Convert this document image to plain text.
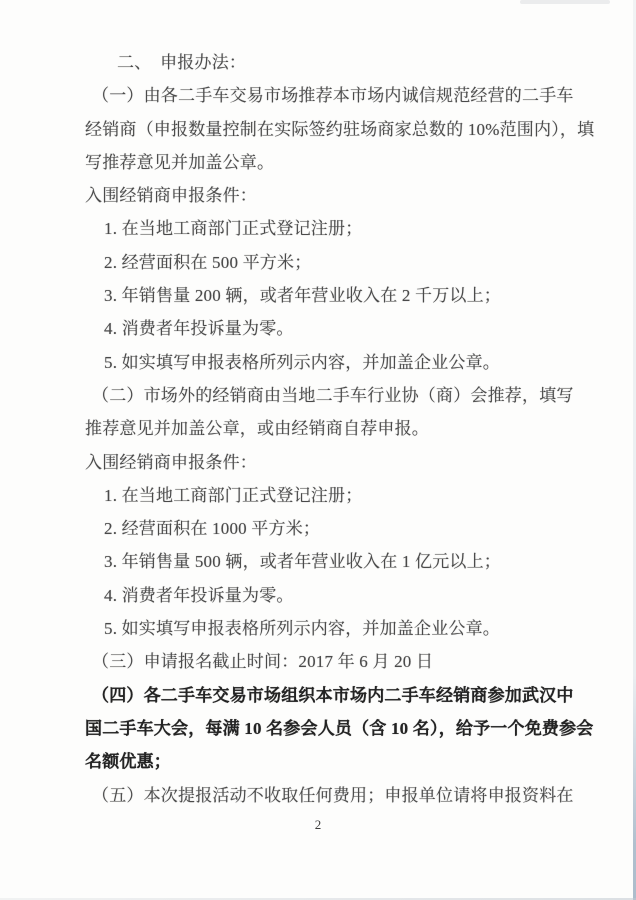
二、　申报办法：
（一）由各二手车交易市场推荐本市场内诚信规范经营的二手车
经销商（申报数量控制在实际签约驻场商家总数的 10%范围内），填
写推荐意见并加盖公章。
入围经销商申报条件：
1. 在当地工商部门正式登记注册；
2. 经营面积在 500 平方米；
3. 年销售量 200 辆，或者年营业收入在 2 千万以上；
4. 消费者年投诉量为零。
5. 如实填写申报表格所列示内容，并加盖企业公章。
（二）市场外的经销商由当地二手车行业协（商）会推荐，填写
推荐意见并加盖公章，或由经销商自荐申报。
入围经销商申报条件：
1. 在当地工商部门正式登记注册；
2. 经营面积在 1000 平方米；
3. 年销售量 500 辆，或者年营业收入在 1 亿元以上；
4. 消费者年投诉量为零。
5. 如实填写申报表格所列示内容，并加盖企业公章。
（三）申请报名截止时间：2017 年 6 月 20 日
（四）各二手车交易市场组织本市场内二手车经销商参加武汉中
国二手车大会，每满 10 名参会人员（含 10 名），给予一个免费参会
名额优惠；
（五）本次提报活动不收取任何费用；申报单位请将申报资料在
2
